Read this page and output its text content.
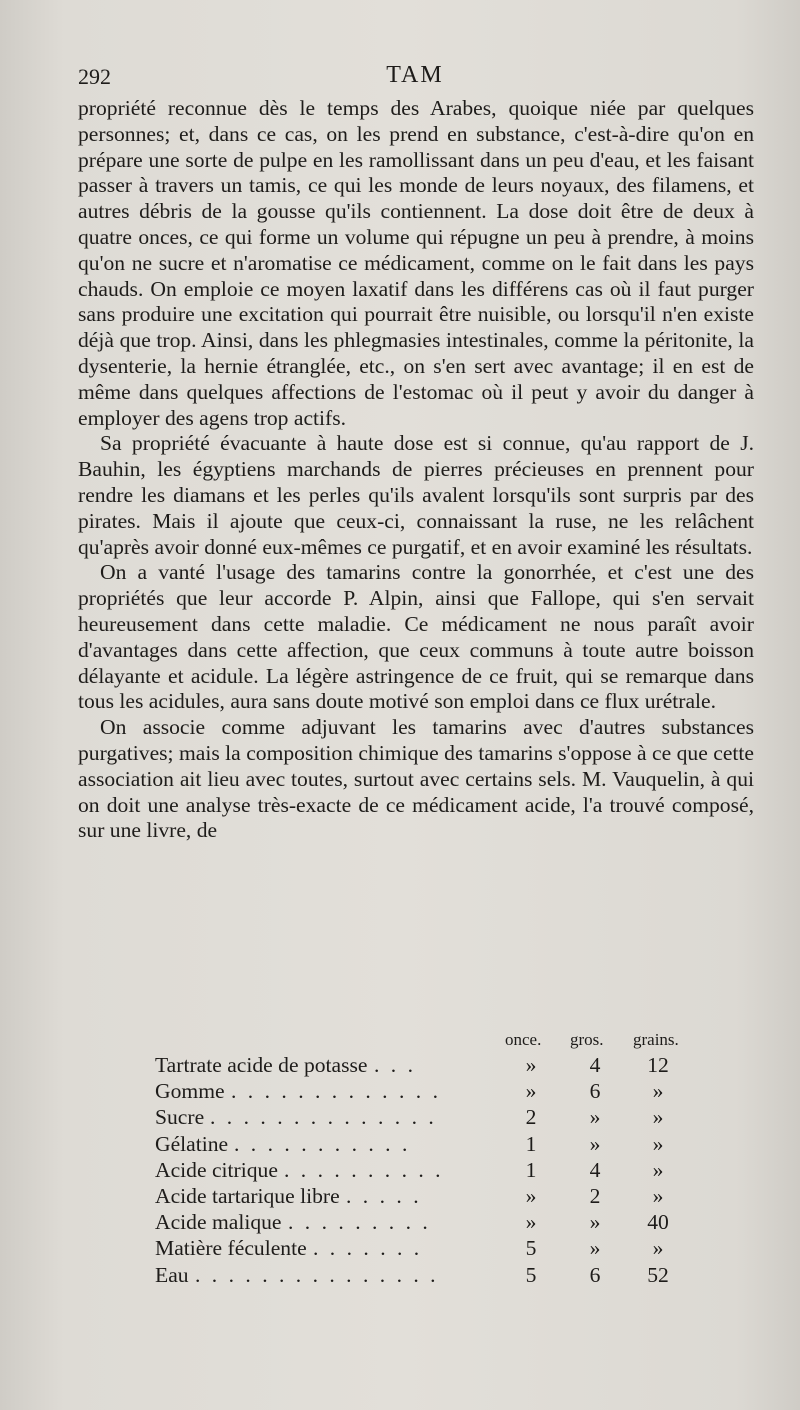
292	TAM

propriété reconnue dès le temps des Arabes, quoique niée par quelques personnes; et, dans ce cas, on les prend en substance, c'est-à-dire qu'on en prépare une sorte de pulpe en les ramollissant dans un peu d'eau, et les faisant passer à travers un tamis, ce qui les monde de leurs noyaux, des filamens, et autres débris de la gousse qu'ils contiennent. La dose doit être de deux à quatre onces, ce qui forme un volume qui répugne un peu à prendre, à moins qu'on ne sucre et n'aromatise ce médicament, comme on le fait dans les pays chauds. On emploie ce moyen laxatif dans les différens cas où il faut purger sans produire une excitation qui pourrait être nuisible, ou lorsqu'il n'en existe déjà que trop. Ainsi, dans les phlegmasies intestinales, comme la péritonite, la dysenterie, la hernie étranglée, etc., on s'en sert avec avantage; il en est de même dans quelques affections de l'estomac où il peut y avoir du danger à employer des agens trop actifs.

Sa propriété évacuante à haute dose est si connue, qu'au rapport de J. Bauhin, les égyptiens marchands de pierres précieuses en prennent pour rendre les diamans et les perles qu'ils avalent lorsqu'ils sont surpris par des pirates. Mais il ajoute que ceux-ci, connaissant la ruse, ne les relâchent qu'après avoir donné eux-mêmes ce purgatif, et en avoir examiné les résultats.

On a vanté l'usage des tamarins contre la gonorrhée, et c'est une des propriétés que leur accorde P. Alpin, ainsi que Fallope, qui s'en servait heureusement dans cette maladie. Ce médicament ne nous paraît avoir d'avantages dans cette affection, que ceux communs à toute autre boisson délayante et acidule. La légère astringence de ce fruit, qui se remarque dans tous les acidules, aura sans doute motivé son emploi dans ce flux urétrale.

On associe comme adjuvant les tamarins avec d'autres substances purgatives; mais la composition chimique des tamarins s'oppose à ce que cette association ait lieu avec toutes, surtout avec certains sels. M. Vauquelin, à qui on doit une analyse très-exacte de ce médicament acide, l'a trouvé composé, sur une livre, de

once. gros. grains.
Tartrate acide de potasse . . .	»	4	12
Gomme . . . . . . . . . . . . .	»	6	»
Sucre . . . . . . . . . . . . . .	2	»	»
Gélatine . . . . . . . . . . .	1	»	»
Acide citrique . . . . . . . . . .	1	4	»
Acide tartarique libre . . . . .	»	2	»
Acide malique . . . . . . . . .	»	»	40
Matière féculente . . . . . . .	5	»	»
Eau . . . . . . . . . . . . . . .	5	6	52
